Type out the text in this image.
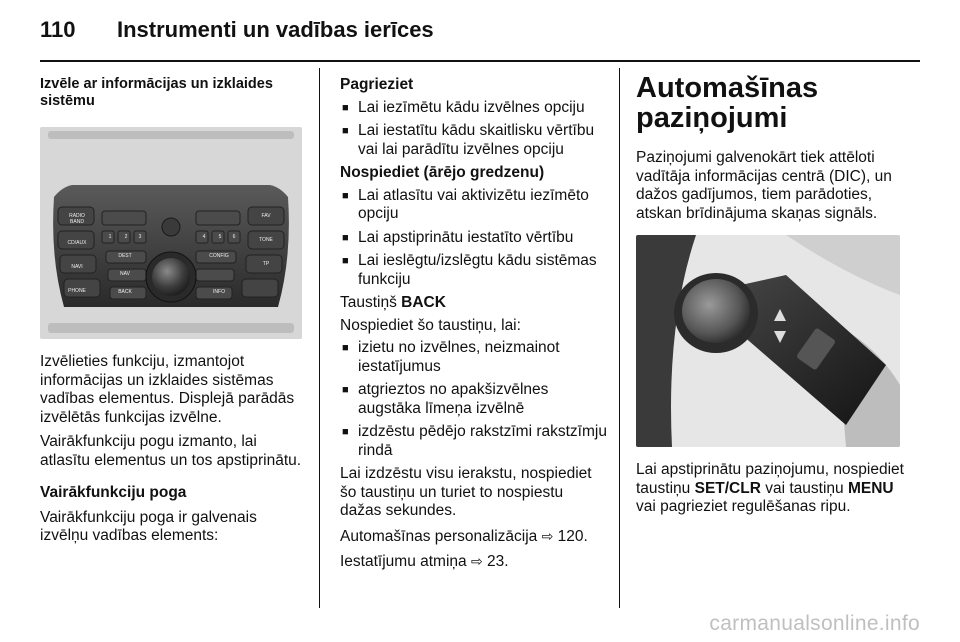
110 Instrumenti un vadības ierīces

Izvēle ar informācijas un izklaides sistēmu

RADIO
BAND
CD/AUX
NAVI
PHONE
1	2 3
DEST
NAV
BACK
FAV
TONE
TP
4	5 6
CONFIG
INFO

Izvēlieties funkciju, izmantojot informācijas un izklaides sistēmas vadības elementus. Displejā parādās izvēlētās funkcijas izvēlne.

Vairākfunkciju pogu izmanto, lai atlasītu elementus un tos apstiprinātu.

Vairākfunkciju poga

Vairākfunkciju poga ir galvenais izvēlņu vadības elements:

Pagrieziet

■ Lai iezīmētu kādu izvēlnes opciju
■ Lai iestatītu kādu skaitlisku vērtību vai lai parādītu izvēlnes opciju

Nospiediet (ārējo gredzenu)

■ Lai atlasītu vai aktivizētu iezīmēto opciju
■ Lai apstiprinātu iestatīto vērtību
■ Lai ieslēgtu/izslēgtu kādu sistēmas funkciju

Taustiņš BACK

Nospiediet šo taustiņu, lai:

■ izietu no izvēlnes, neizmainot iestatījumus
■ atgrieztos no apakšizvēlnes augstāka līmeņa izvēlnē
■ izdzēstu pēdējo rakstzīmi rakstzīmju rindā

Lai izdzēstu visu ierakstu, nospiediet šo taustiņu un turiet to nospiestu dažas sekundes.

Automašīnas personalizācija ⇨ 120.

Iestatījumu atmiņa ⇨ 23.

Automašīnas paziņojumi

Paziņojumi galvenokārt tiek attēloti vadītāja informācijas centrā (DIC), un dažos gadījumos, tiem parādoties, atskan brīdinājuma skaņas signāls.

Lai apstiprinātu paziņojumu, nospiediet taustiņu SET/CLR vai taustiņu MENU vai pagrieziet regulēšanas ripu.

carmanualsonline.info
